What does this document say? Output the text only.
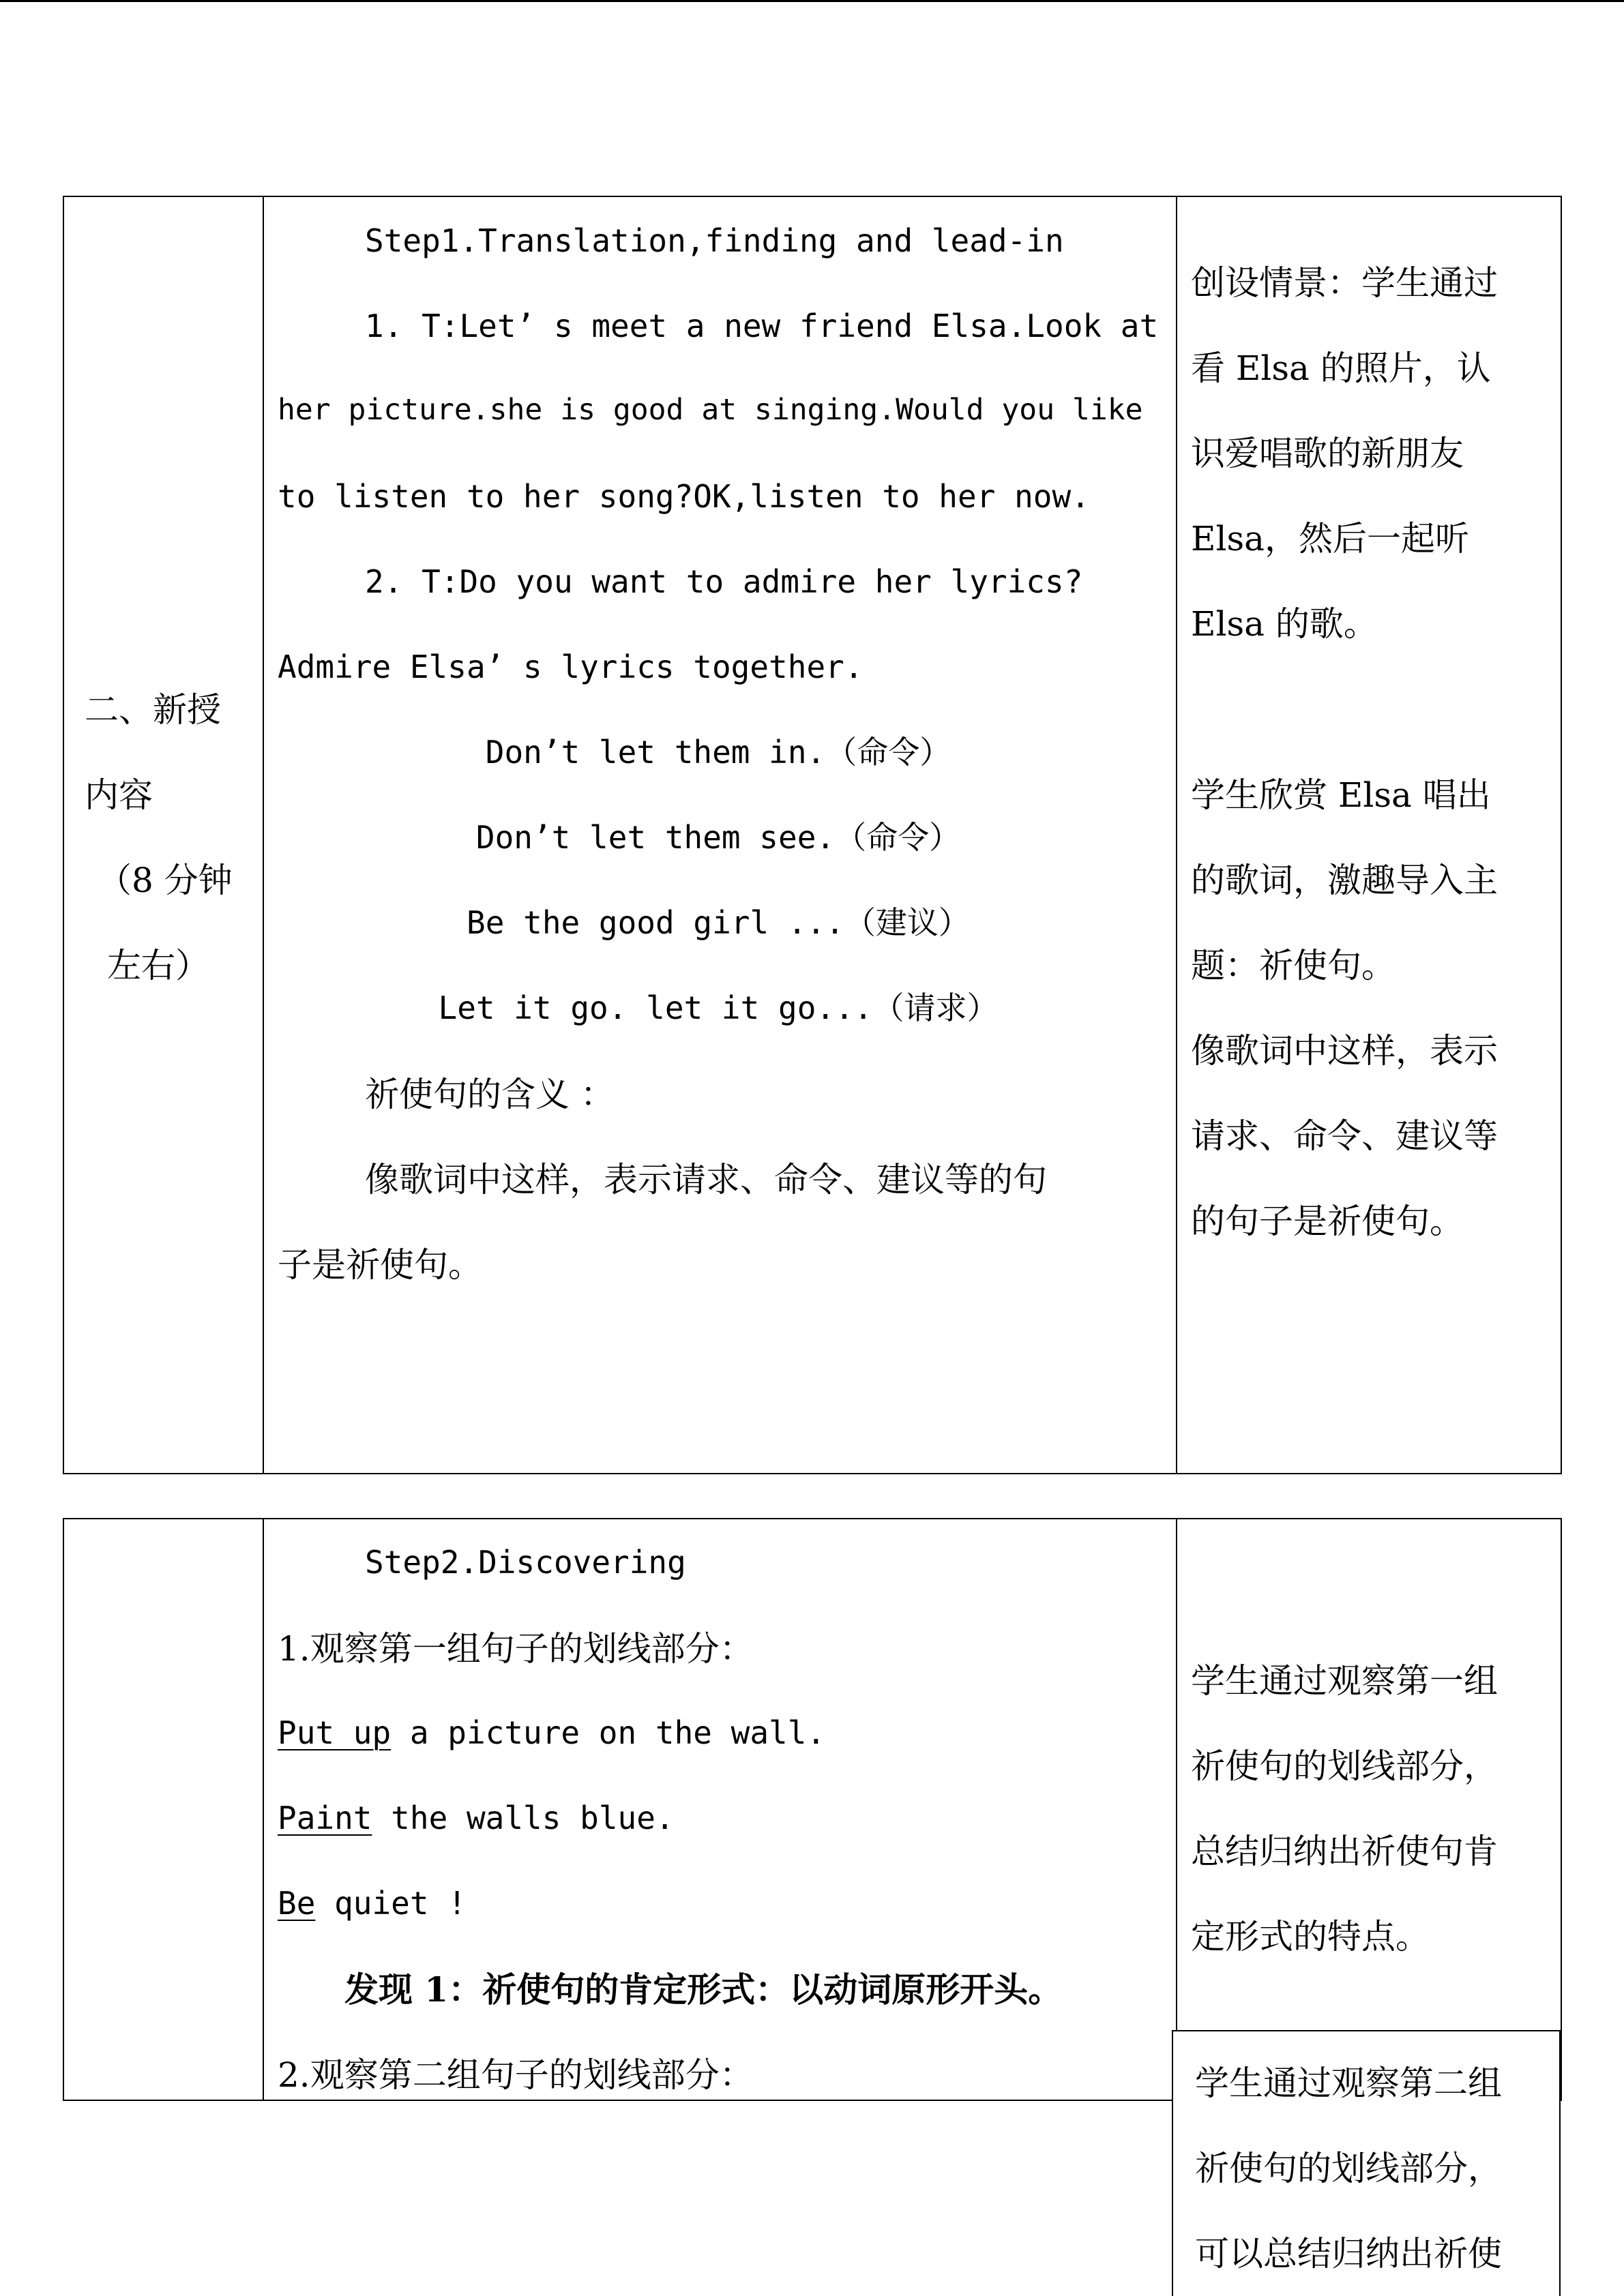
二、新授
内容
（8 分钟
左右）
Step1.Translation,finding and lead-in
1. T:Let’ s meet a new friend Elsa.Look at
her picture.she is good at singing.Would you like
to listen to her song?OK,listen to her now.
2. T:Do you want to admire her lyrics?
Admire Elsa’ s lyrics together.
Don’t let them in.（命令）
Don’t let them see.（命令）
Be the good girl ...（建议）
Let it go. let it go...（请求）
祈使句的含义 ：
像歌词中这样，表示请求、命令、建议等的句
子是祈使句。
创设情景：学生通过
看 Elsa 的照片，认
识爱唱歌的新朋友
Elsa，然后一起听
Elsa 的歌。
学生欣赏 Elsa 唱出
的歌词，激趣导入主
题：祈使句。
像歌词中这样，表示
请求、命令、建议等
的句子是祈使句。
Step2.Discovering
1.观察第一组句子的划线部分：
Put up a picture on the wall.
Paint the walls blue.
Be quiet !
发现 1：祈使句的肯定形式：以动词原形开头。
2.观察第二组句子的划线部分：
学生通过观察第一组
祈使句的划线部分，
总结归纳出祈使句肯
定形式的特点。
学生通过观察第二组
祈使句的划线部分，
可以总结归纳出祈使
